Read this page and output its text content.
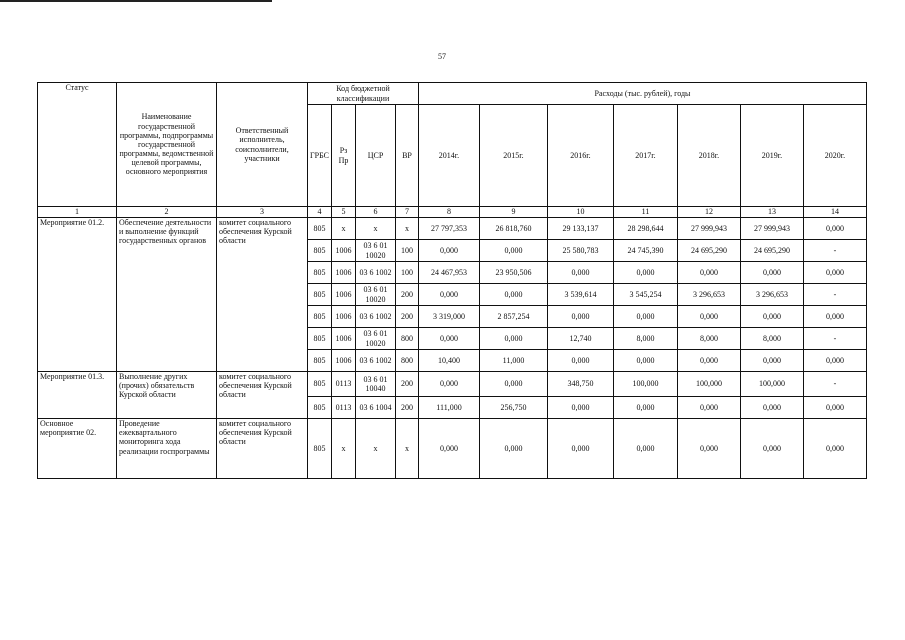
57
Статус	Наименование государственной программы, подпрограммы государственной программы, ведомственной целевой программы, основного мероприятия	Ответственный исполнитель, соисполнители, участники	Код бюджетной классификации				Расходы (тыс. рублей), годы						
			ГРБС	Рз Пр	ЦСР	ВР	2014г.	2015г.	2016г.	2017г.	2018г.	2019г.	2020г.
1	2	3	4	5	6	7	8	9	10	11	12	13	14
Мероприятие 01.2.	Обеспечение деятельности и выполнение функций государственных органов	комитет социального обеспечения Курской области	805	x	x	x	27 797,353	26 818,760	29 133,137	28 298,644	27 999,943	27 999,943	0,000
			805	1006	03 6 01 10020	100	0,000	0,000	25 580,783	24 745,390	24 695,290	24 695,290	-
			805	1006	03 6 1002	100	24 467,953	23 950,506	0,000	0,000	0,000	0,000	0,000
			805	1006	03 6 01 10020	200	0,000	0,000	3 539,614	3 545,254	3 296,653	3 296,653	-
			805	1006	03 6 1002	200	3 319,000	2 857,254	0,000	0,000	0,000	0,000	0,000
			805	1006	03 6 01 10020	800	0,000	0,000	12,740	8,000	8,000	8,000	-
			805	1006	03 6 1002	800	10,400	11,000	0,000	0,000	0,000	0,000	0,000
Мероприятие 01.3.	Выполнение других (прочих) обязательств Курской области	комитет социального обеспечения Курской области	805	0113	03 6 01 10040	200	0,000	0,000	348,750	100,000	100,000	100,000	-
			805	0113	03 6 1004	200	111,000	256,750	0,000	0,000	0,000	0,000	0,000
Основное мероприятие 02.	Проведение ежеквартального мониторинга хода реализации госпрограммы	комитет социального обеспечения Курской области	805	x	x	x	0,000	0,000	0,000	0,000	0,000	0,000	0,000
